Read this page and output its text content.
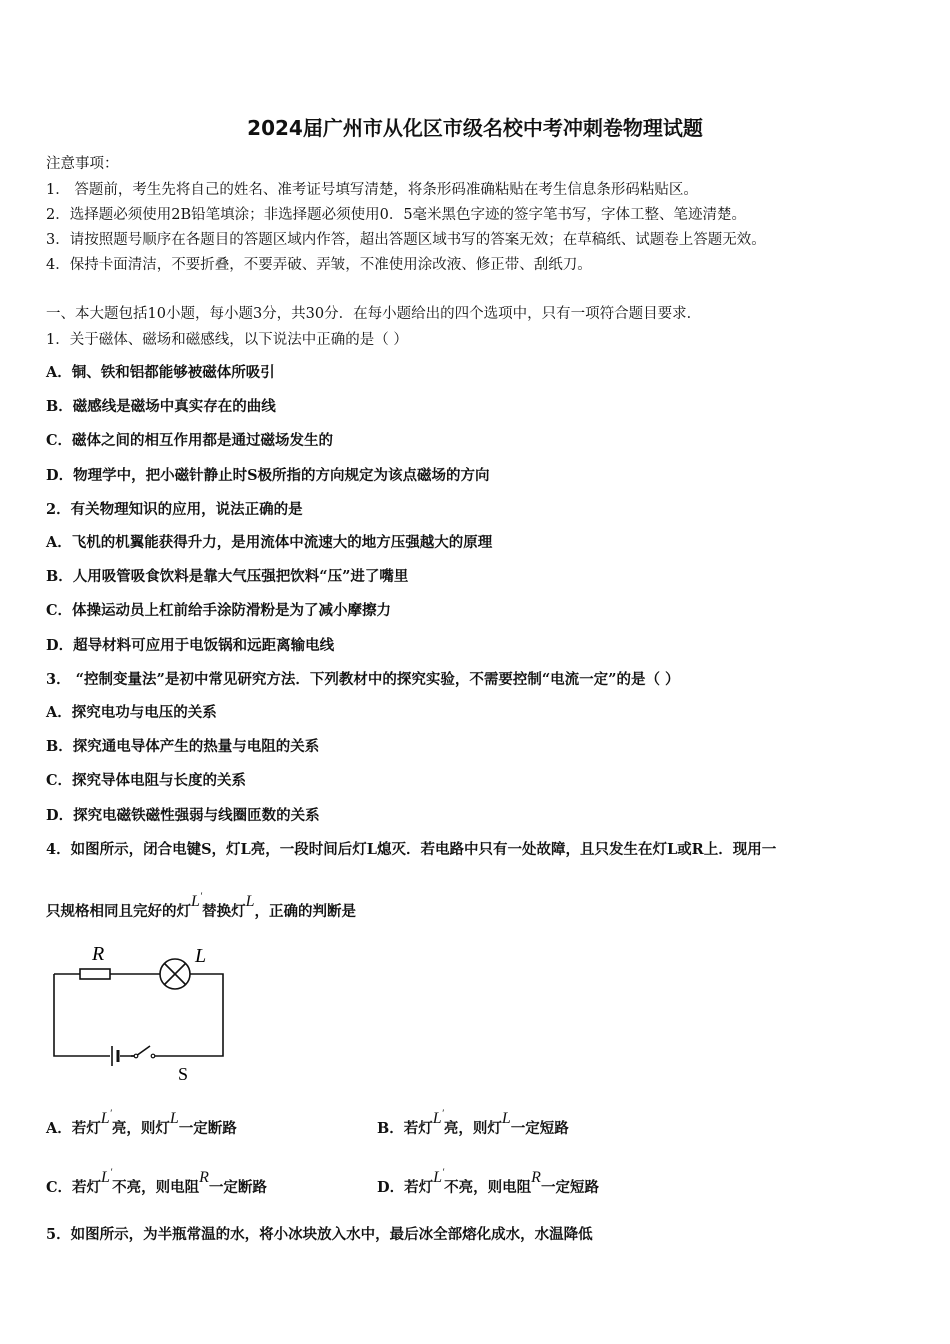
2024届广州市从化区市级名校中考冲刺卷物理试题
注意事项：
1． 答题前，考生先将自己的姓名、准考证号填写清楚，将条形码准确粘贴在考生信息条形码粘贴区。
2．选择题必须使用2B铅笔填涂；非选择题必须使用0．5毫米黑色字迹的签字笔书写，字体工整、笔迹清楚。
3．请按照题号顺序在各题目的答题区域内作答，超出答题区域书写的答案无效；在草稿纸、试题卷上答题无效。
4．保持卡面清洁，不要折叠，不要弄破、弄皱，不准使用涂改液、修正带、刮纸刀。
一、本大题包括10小题，每小题3分，共30分．在每小题给出的四个选项中，只有一项符合题目要求．
1．关于磁体、磁场和磁感线，以下说法中正确的是（ ）
A．铜、铁和铝都能够被磁体所吸引
B．磁感线是磁场中真实存在的曲线
C．磁体之间的相互作用都是通过磁场发生的
D．物理学中，把小磁针静止时S极所指的方向规定为该点磁场的方向
2．有关物理知识的应用，说法正确的是
A．飞机的机翼能获得升力，是用流体中流速大的地方压强越大的原理
B．人用吸管吸食饮料是靠大气压强把饮料“压”进了嘴里
C．体操运动员上杠前给手涂防滑粉是为了减小摩擦力
D．超导材料可应用于电饭锅和远距离输电线
3． “控制变量法”是初中常见研究方法．下列教材中的探究实验，不需要控制“电流一定”的是（ ）
A．探究电功与电压的关系
B．探究通电导体产生的热量与电阻的关系
C．探究导体电阻与长度的关系
D．探究电磁铁磁性强弱与线圈匝数的关系
4．如图所示，闭合电键S，灯L亮，一段时间后灯L熄灭．若电路中只有一处故障，且只发生在灯L或R上．现用一
只规格相同且完好的灯L′替换灯L，正确的判断是
R	L
S
A．若灯L′亮，则灯L一定断路	B．若灯L′亮，则灯L一定短路
C．若灯L′不亮，则电阻R一定断路	D．若灯L′不亮，则电阻R一定短路
5．如图所示，为半瓶常温的水，将小冰块放入水中，最后冰全部熔化成水，水温降低
